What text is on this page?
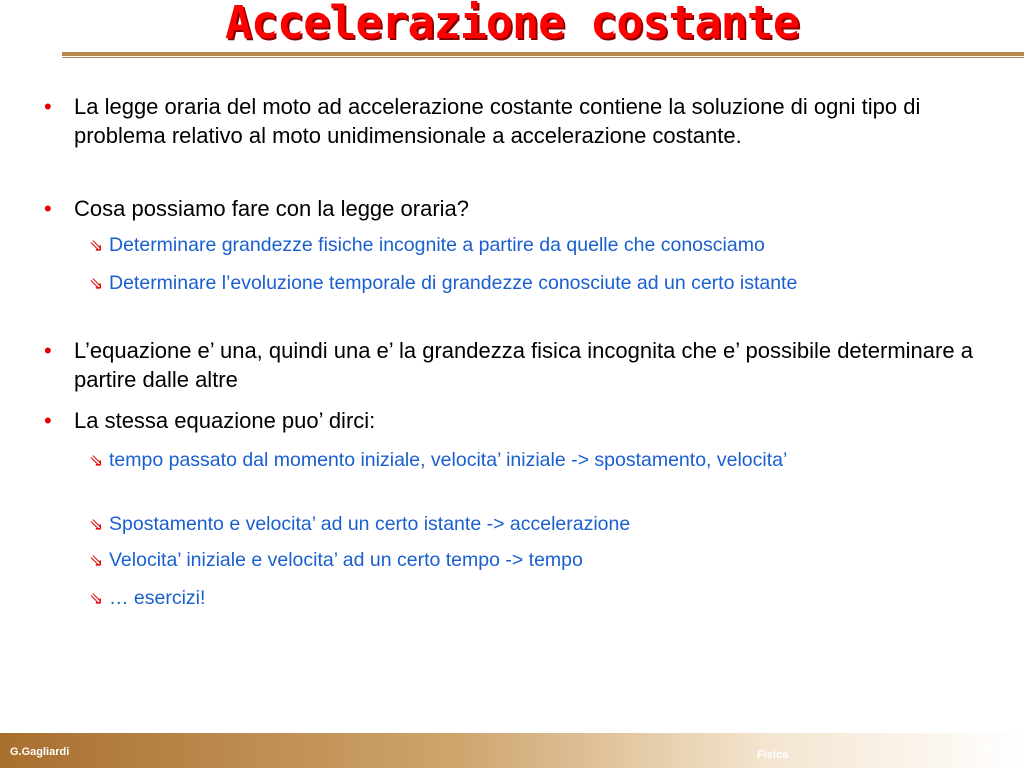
Accelerazione costante
• La legge oraria del moto ad accelerazione costante contiene la soluzione di ogni tipo di problema relativo al moto unidimensionale a accelerazione costante.
• Cosa possiamo fare con la legge oraria?
⇘ Determinare grandezze fisiche incognite a partire da quelle che conosciamo
⇘ Determinare l’evoluzione temporale di grandezze conosciute ad un certo istante
• L’equazione e’ una, quindi una e’ la grandezza fisica incognita che e’ possibile determinare a partire dalle altre
• La stessa equazione puo’ dirci:
⇘ tempo passato dal momento iniziale, velocita’ iniziale -> spostamento, velocita’
⇘ Spostamento e velocita’ ad un certo istante -> accelerazione
⇘ Velocita’ iniziale e velocita’ ad un certo tempo -> tempo
⇘ … esercizi!
G.Gagliardi	Fisica	5
